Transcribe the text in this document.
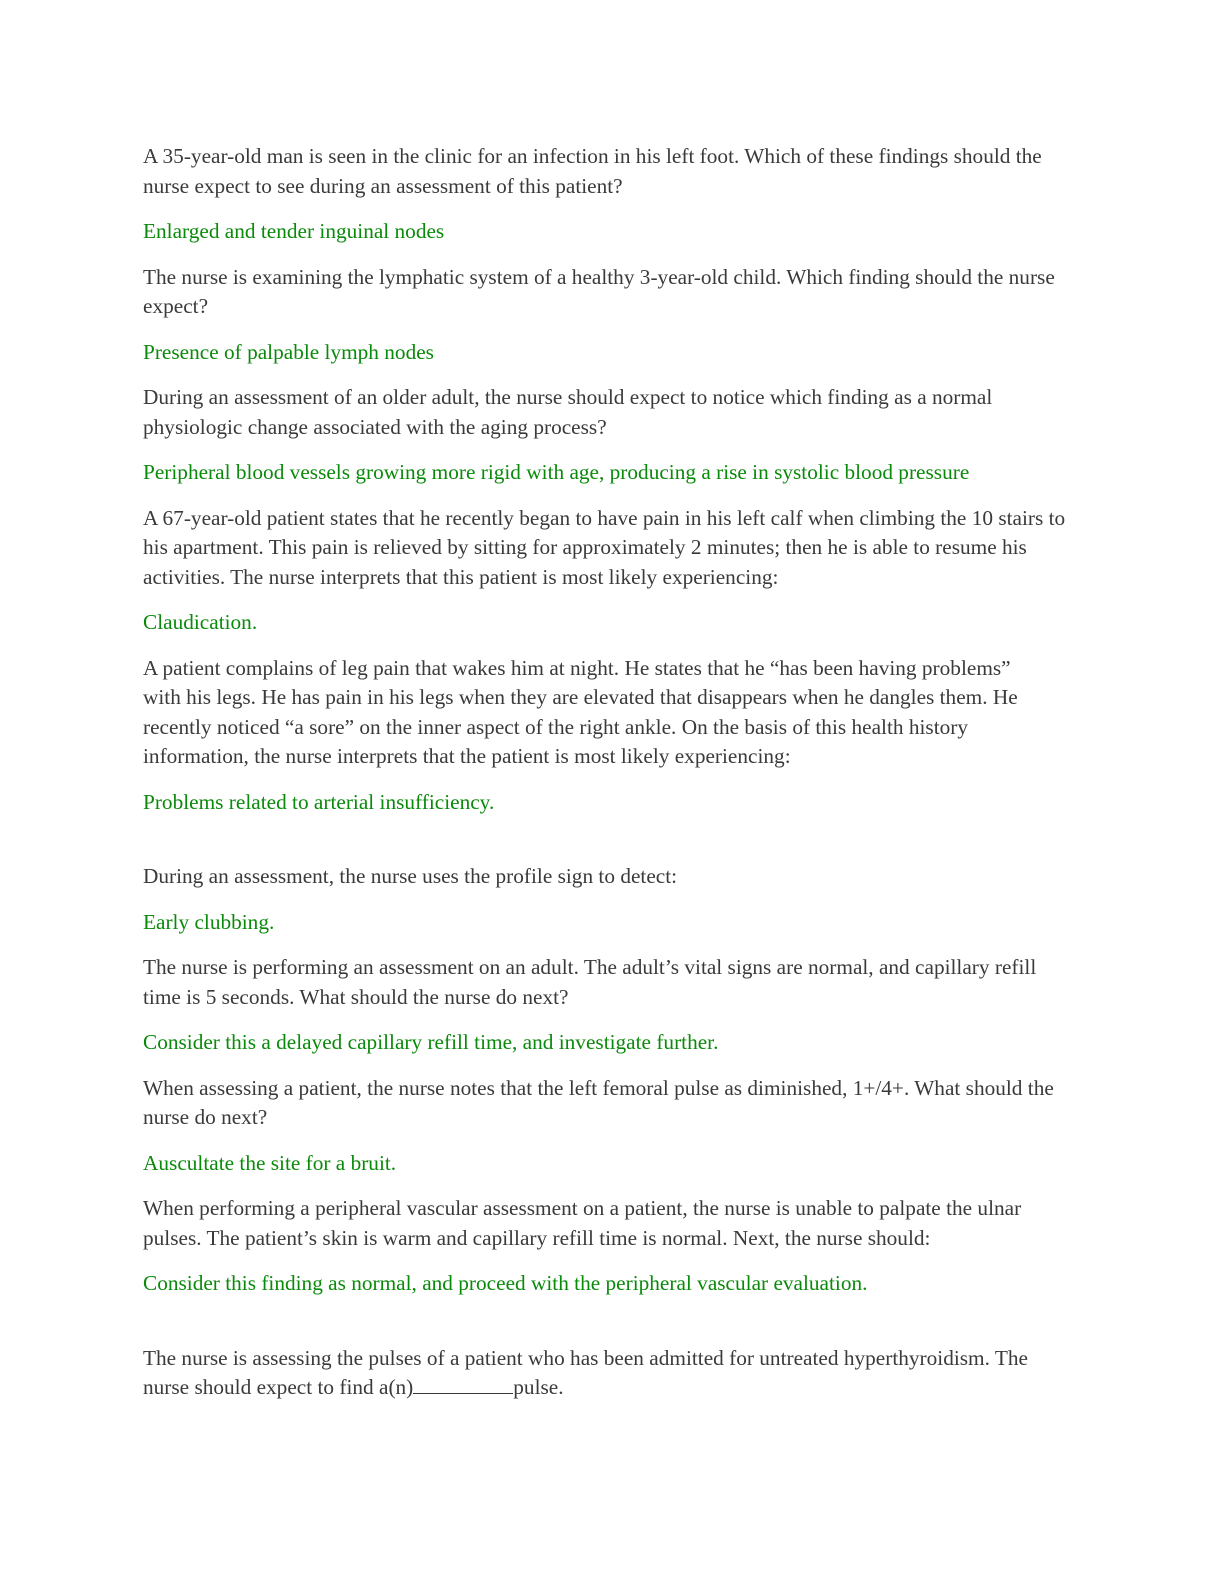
A 35-year-old man is seen in the clinic for an infection in his left foot. Which of these findings should the nurse expect to see during an assessment of this patient?

Enlarged and tender inguinal nodes

The nurse is examining the lymphatic system of a healthy 3-year-old child. Which finding should the nurse expect?

Presence of palpable lymph nodes

During an assessment of an older adult, the nurse should expect to notice which finding as a normal physiologic change associated with the aging process?

Peripheral blood vessels growing more rigid with age, producing a rise in systolic blood pressure

A 67-year-old patient states that he recently began to have pain in his left calf when climbing the 10 stairs to his apartment. This pain is relieved by sitting for approximately 2 minutes; then he is able to resume his activities. The nurse interprets that this patient is most likely experiencing:

Claudication.

A patient complains of leg pain that wakes him at night. He states that he “has been having problems” with his legs. He has pain in his legs when they are elevated that disappears when he dangles them. He recently noticed “a sore” on the inner aspect of the right ankle. On the basis of this health history information, the nurse interprets that the patient is most likely experiencing:

Problems related to arterial insufficiency.

During an assessment, the nurse uses the profile sign to detect:

Early clubbing.

The nurse is performing an assessment on an adult. The adult’s vital signs are normal, and capillary refill time is 5 seconds. What should the nurse do next?

Consider this a delayed capillary refill time, and investigate further.

When assessing a patient, the nurse notes that the left femoral pulse as diminished, 1+/4+. What should the nurse do next?

Auscultate the site for a bruit.

When performing a peripheral vascular assessment on a patient, the nurse is unable to palpate the ulnar pulses. The patient’s skin is warm and capillary refill time is normal. Next, the nurse should:

Consider this finding as normal, and proceed with the peripheral vascular evaluation.

The nurse is assessing the pulses of a patient who has been admitted for untreated hyperthyroidism. The nurse should expect to find a(n)	pulse.
